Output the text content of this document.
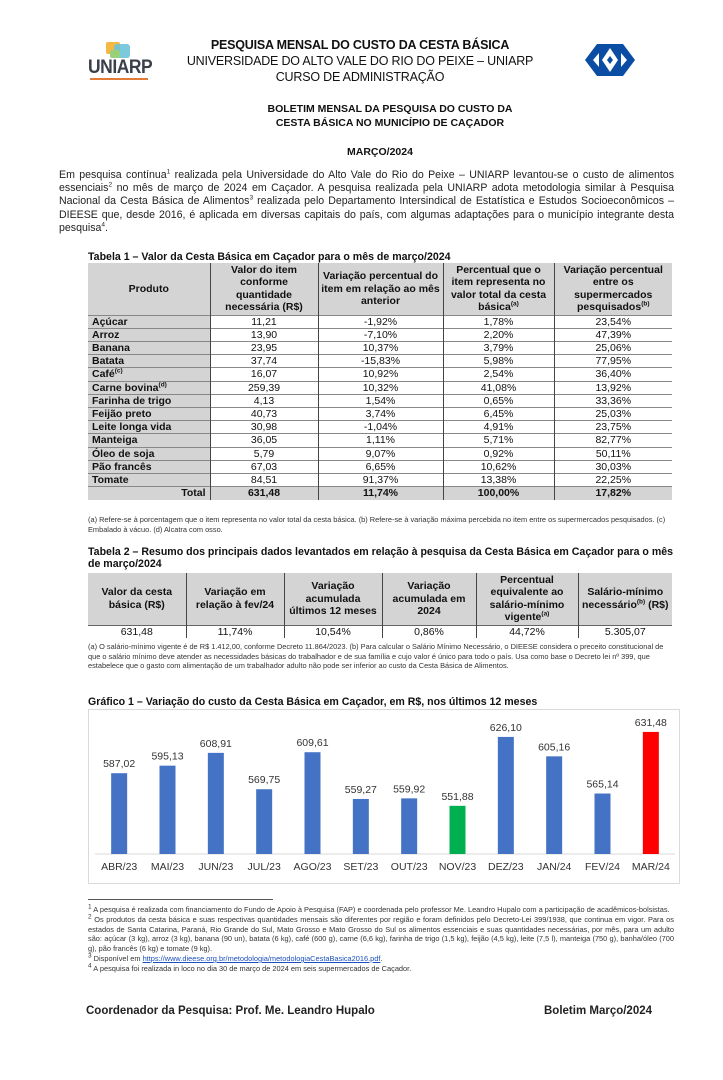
UNIARP
PESQUISA MENSAL DO CUSTO DA CESTA BÁSICA
UNIVERSIDADE DO ALTO VALE DO RIO DO PEIXE – UNIARP
CURSO DE ADMINISTRAÇÃO
BOLETIM MENSAL DA PESQUISA DO CUSTO DA
CESTA BÁSICA NO MUNICÍPIO DE CAÇADOR
MARÇO/2024

Em pesquisa contínua$^1$ realizada pela Universidade do Alto Vale do Rio do Peixe – UNIARP levantou-se o custo de alimentos essenciais$^2$ no mês de março de 2024 em Caçador. A pesquisa realizada pela UNIARP adota metodologia similar à Pesquisa Nacional da Cesta Básica de Alimentos$^3$ realizada pelo Departamento Intersindical de Estatística e Estudos Socioeconômicos – DIEESE que, desde 2016, é aplicada em diversas capitais do país, com algumas adaptações para o município integrante desta pesquisa$^4$.

Tabela 1 – Valor da Cesta Básica em Caçador para o mês de março/2024
Produto	Valor do item conforme quantidade necessária (R$)	Variação percentual do item em relação ao mês anterior	Percentual que o item representa no valor total da cesta básica$^{(a)}$	Variação percentual entre os supermercados pesquisados$^{(b)}$
Açúcar	11,21	-1,92%	1,78%	23,54%
Arroz	13,90	-7,10%	2,20%	47,39%
Banana	23,95	10,37%	3,79%	25,06%
Batata	37,74	-15,83%	5,98%	77,95%
Café$^{(c)}$	16,07	10,92%	2,54%	36,40%
Carne bovina$^{(d)}$	259,39	10,32%	41,08%	13,92%
Farinha de trigo	4,13	1,54%	0,65%	33,36%
Feijão preto	40,73	3,74%	6,45%	25,03%
Leite longa vida	30,98	-1,04%	4,91%	23,75%
Manteiga	36,05	1,11%	5,71%	82,77%
Óleo de soja	5,79	9,07%	0,92%	50,11%
Pão francês	67,03	6,65%	10,62%	30,03%
Tomate	84,51	91,37%	13,38%	22,25%
Total	631,48	11,74%	100,00%	17,82%
(a) Refere-se à porcentagem que o item representa no valor total da cesta básica. (b) Refere-se à variação máxima percebida no item entre os supermercados pesquisados. (c) Embalado à vácuo. (d) Alcatra com osso.
Tabela 2 – Resumo dos principais dados levantados em relação à pesquisa da Cesta Básica em Caçador para o mês de março/2024
Valor da cesta básica (R$)	Variação em relação à fev/24	Variação acumulada últimos 12 meses	Variação acumulada em 2024	Percentual equivalente ao salário-mínimo vigente$^{(a)}$	Salário-mínimo necessário$^{(b)}$ (R$)
631,48	11,74%	10,54%	0,86%	44,72%	5.305,07
(a) O salário-mínimo vigente é de R$ 1.412,00, conforme Decreto 11.864/2023. (b) Para calcular o Salário Mínimo Necessário, o DIEESE considera o preceito constitucional de que o salário mínimo deve atender as necessidades básicas do trabalhador e de sua família e cujo valor é único para todo o país. Usa como base o Decreto lei nº 399, que estabelece que o gasto com alimentação de um trabalhador adulto não pode ser inferior ao custo da Cesta Básica de Alimentos.
Gráfico 1 – Variação do custo da Cesta Básica em Caçador, em R$, nos últimos 12 meses
587,02
ABR/23
595,13
MAI/23
608,91
JUN/23
569,75
JUL/23
609,61
AGO/23
559,27
SET/23
559,92
OUT/23
551,88
NOV/23
626,10
DEZ/23
605,16
JAN/24
565,14
FEV/24
631,48
MAR/24
$^1$ A pesquisa é realizada com financiamento do Fundo de Apoio à Pesquisa (FAP) e coordenada pelo professor Me. Leandro Hupalo com a participação de acadêmicos-bolsistas.
$^2$ Os produtos da cesta básica e suas respectivas quantidades mensais são diferentes por região e foram definidos pelo Decreto-Lei 399/1938, que continua em vigor. Para os estados de Santa Catarina, Paraná, Rio Grande do Sul, Mato Grosso e Mato Grosso do Sul os alimentos essenciais e suas quantidades necessárias, por mês, para um adulto são: açúcar (3 kg), arroz (3 kg), banana (90 un), batata (6 kg), café (600 g), carne (6,6 kg), farinha de trigo (1,5 kg), feijão (4,5 kg), leite (7,5 l), manteiga (750 g), banha/óleo (700 g), pão francês (6 kg) e tomate (9 kg).
$^3$ Disponível em https://www.dieese.org.br/metodologia/metodologiaCestaBasica2016.pdf.
$^4$ A pesquisa foi realizada in loco no dia 30 de março de 2024 em seis supermercados de Caçador.
Coordenador da Pesquisa: Prof. Me. Leandro Hupalo	Boletim Março/2024
